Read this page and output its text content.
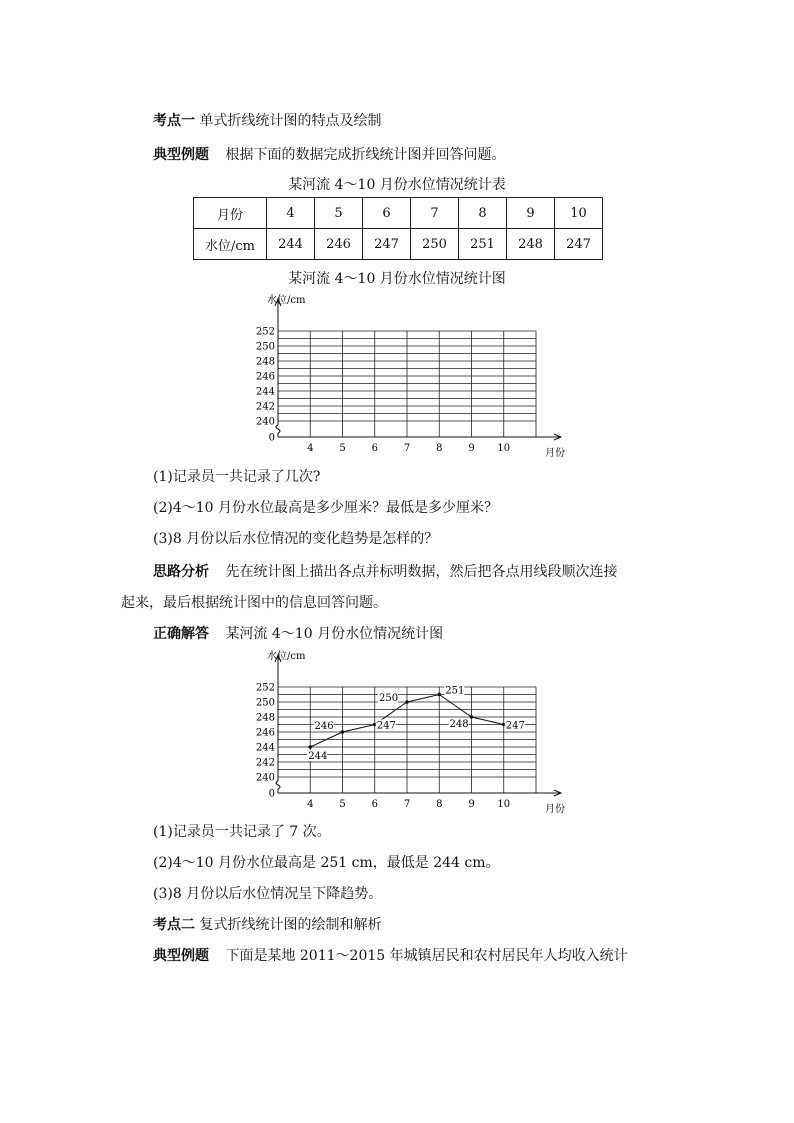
考点一 单式折线统计图的特点及绘制
典型例题 根据下面的数据完成折线统计图并回答问题。
某河流 4～10 月份水位情况统计表
月份	4	5	6	7	8	9	10
水位/cm	244	246	247	250	251	248	247
某河流 4～10 月份水位情况统计图
0
240
242
244
246
248
250
252
4	5	6	7	8	9 10
水位/cm
月份
(1)记录员一共记录了几次?
(2)4～10 月份水位最高是多少厘米？最低是多少厘米？
(3)8 月份以后水位情况的变化趋势是怎样的？
思路分析 先在统计图上描出各点并标明数据，然后把各点用线段顺次连接
起来，最后根据统计图中的信息回答问题。
正确解答 某河流 4～10 月份水位情况统计图
0
240
242
244
246
248
250
252
4	5	6	7	8	9 10
水位/cm
月份
244
246	247
250
251
248	247
(1)记录员一共记录了 7 次。
(2)4～10 月份水位最高是 251 cm，最低是 244 cm。
(3)8 月份以后水位情况呈下降趋势。
考点二 复式折线统计图的绘制和解析
典型例题 下面是某地 2011～2015 年城镇居民和农村居民年人均收入统计
